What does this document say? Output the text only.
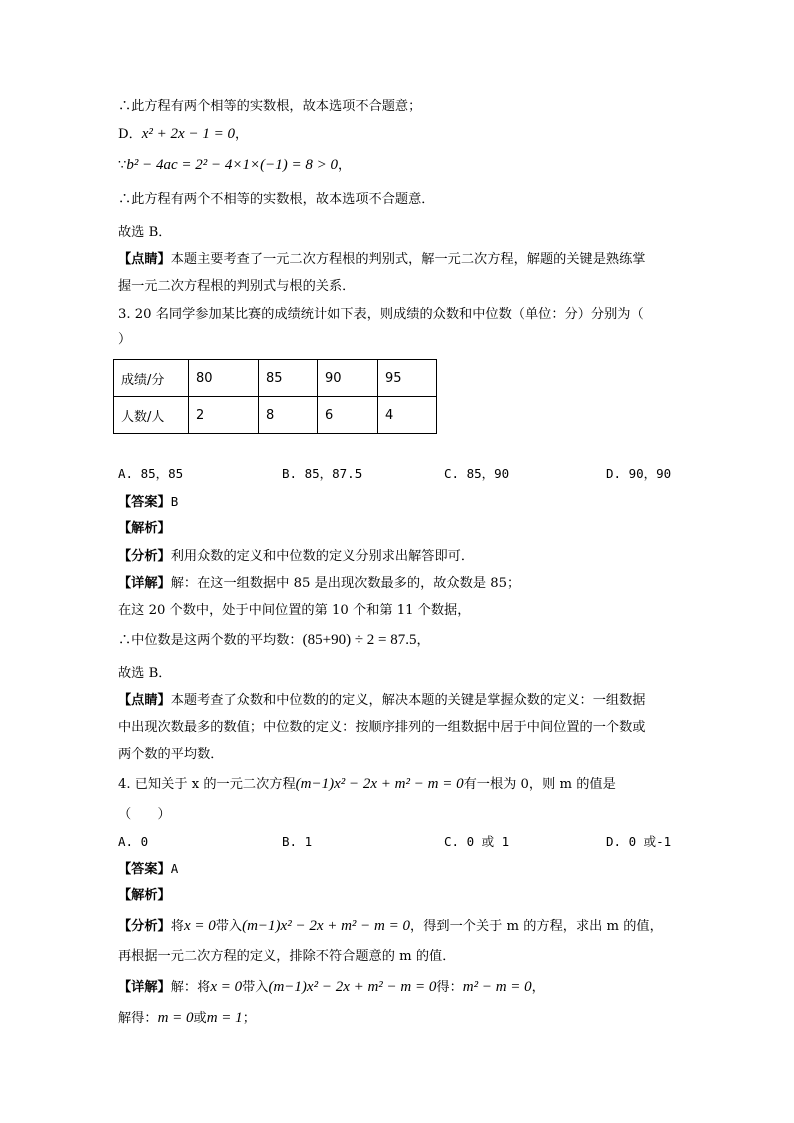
∴此方程有两个相等的实数根，故本选项不合题意；
D．x² + 2x − 1 = 0，
∵b² − 4ac = 2² − 4×1×(−1) = 8 > 0，
∴此方程有两个不相等的实数根，故本选项不合题意．
故选 B．
【点睛】本题主要考查了一元二次方程根的判别式，解一元二次方程，解题的关键是熟练掌
握一元二次方程根的判别式与根的关系．
3. 20 名同学参加某比赛的成绩统计如下表，则成绩的众数和中位数（单位：分）分别为（
）
成绩/分	80	85	90	95
人数/人	2	8	6	4
A. 85，85	B. 85，87.5	C. 85，90	D. 90，90
【答案】B
【解析】
【分析】利用众数的定义和中位数的定义分别求出解答即可．
【详解】解：在这一组数据中 85 是出现次数最多的，故众数是 85；
在这 20 个数中，处于中间位置的第 10 个和第 11 个数据，
∴中位数是这两个数的平均数：(85+90) ÷ 2 = 87.5，
故选 B．
【点睛】本题考查了众数和中位数的的定义，解决本题的关键是掌握众数的定义：一组数据
中出现次数最多的数值；中位数的定义：按顺序排列的一组数据中居于中间位置的一个数或
两个数的平均数．
4. 已知关于 x 的一元二次方程(m−1)x² − 2x + m² − m = 0有一根为 0，则 m 的值是
（　　）
A. 0	B. 1	C. 0 或 1	D. 0 或-1
【答案】A
【解析】
【分析】将x = 0带入(m−1)x² − 2x + m² − m = 0，得到一个关于 m 的方程，求出 m 的值，
再根据一元二次方程的定义，排除不符合题意的 m 的值．
【详解】解：将x = 0带入(m−1)x² − 2x + m² − m = 0得：m² − m = 0，
解得：m = 0或m = 1；
